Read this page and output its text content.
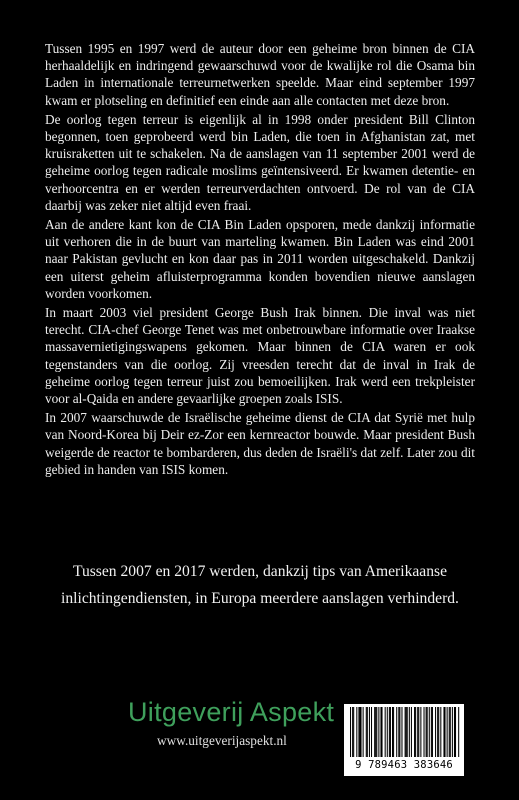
Tussen 1995 en 1997 werd de auteur door een geheime bron binnen de CIA herhaaldelijk en indringend gewaarschuwd voor de kwalijke rol die Osama bin Laden in internationale terreurnetwerken speelde. Maar eind september 1997 kwam er plotseling en definitief een einde aan alle contacten met deze bron.

De oorlog tegen terreur is eigenlijk al in 1998 onder president Bill Clinton begonnen, toen geprobeerd werd bin Laden, die toen in Afghanistan zat, met kruisraketten uit te schakelen. Na de aanslagen van 11 september 2001 werd de geheime oorlog tegen radicale moslims geïntensiveerd. Er kwamen detentie- en verhoorcentra en er werden terreurverdachten ontvoerd. De rol van de CIA daarbij was zeker niet altijd even fraai.

Aan de andere kant kon de CIA Bin Laden opsporen, mede dankzij informatie uit verhoren die in de buurt van marteling kwamen. Bin Laden was eind 2001 naar Pakistan gevlucht en kon daar pas in 2011 worden uitgeschakeld. Dankzij een uiterst geheim afluisterprogramma konden bovendien nieuwe aanslagen worden voorkomen.

In maart 2003 viel president George Bush Irak binnen. Die inval was niet terecht. CIA-chef George Tenet was met onbetrouwbare informatie over Iraakse massavernietigingswapens gekomen. Maar binnen de CIA waren er ook tegenstanders van die oorlog. Zij vreesden terecht dat de inval in Irak de geheime oorlog tegen terreur juist zou bemoeilijken. Irak werd een trekpleister voor al-Qaida en andere gevaarlijke groepen zoals ISIS.

In 2007 waarschuwde de Israëlische geheime dienst de CIA dat Syrië met hulp van Noord-Korea bij Deir ez-Zor een kernreactor bouwde. Maar president Bush weigerde de reactor te bombarderen, dus deden de Israëli's dat zelf. Later zou dit gebied in handen van ISIS komen.

Tussen 2007 en 2017 werden, dankzij tips van Amerikaanse inlichtingendiensten, in Europa meerdere aanslagen verhinderd.
Uitgeverij Aspekt
www.uitgeverijaspekt.nl
9 789463 383646
